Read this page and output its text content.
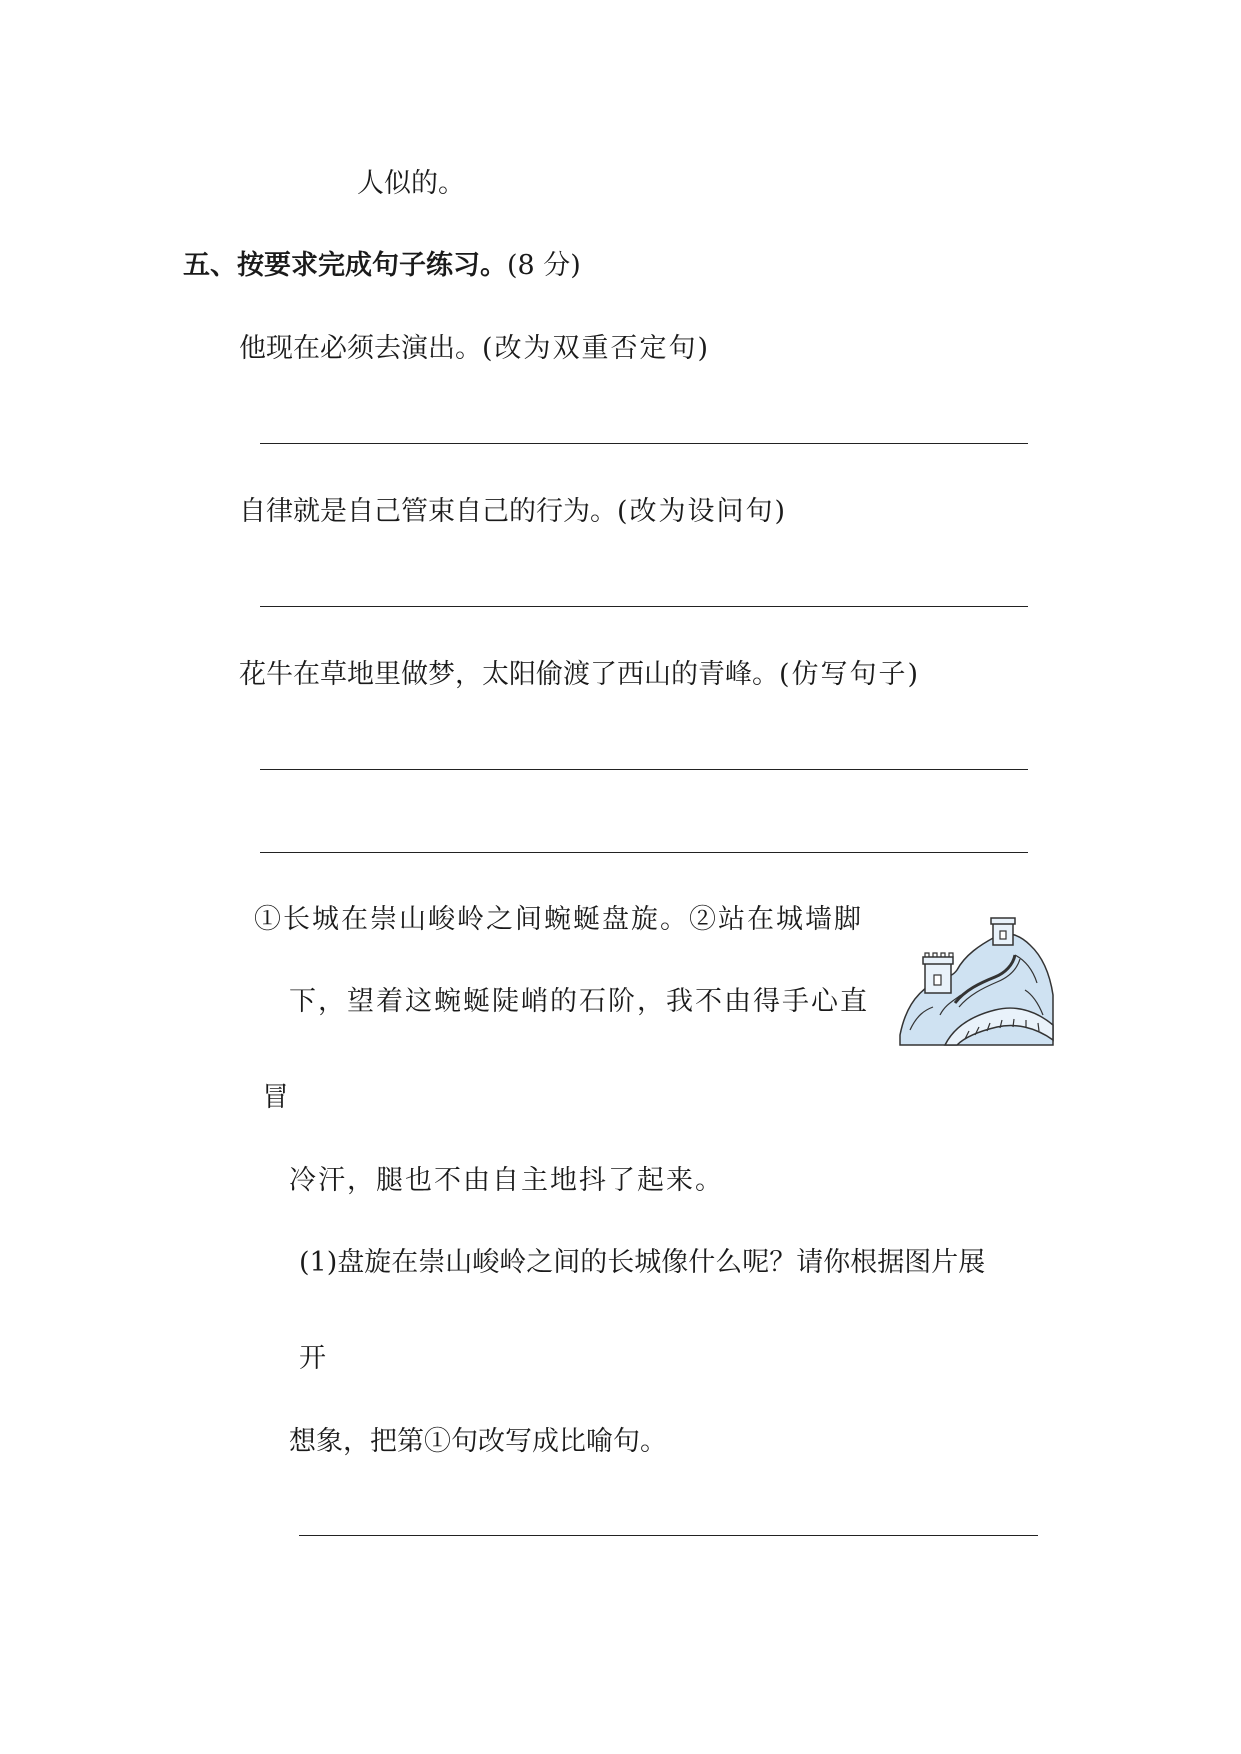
人似的。
五、按要求完成句子练习。(8 分)
他现在必须去演出。(改为双重否定句)
自律就是自己管束自己的行为。(改为设问句)
花牛在草地里做梦，太阳偷渡了西山的青峰。(仿写句子)
①长城在崇山峻岭之间蜿蜒盘旋。②站在城墙脚
下，望着这蜿蜒陡峭的石阶，我不由得手心直
冒
冷汗，腿也不由自主地抖了起来。
(1)盘旋在崇山峻岭之间的长城像什么呢？请你根据图片展
开
想象，把第①句改写成比喻句。
